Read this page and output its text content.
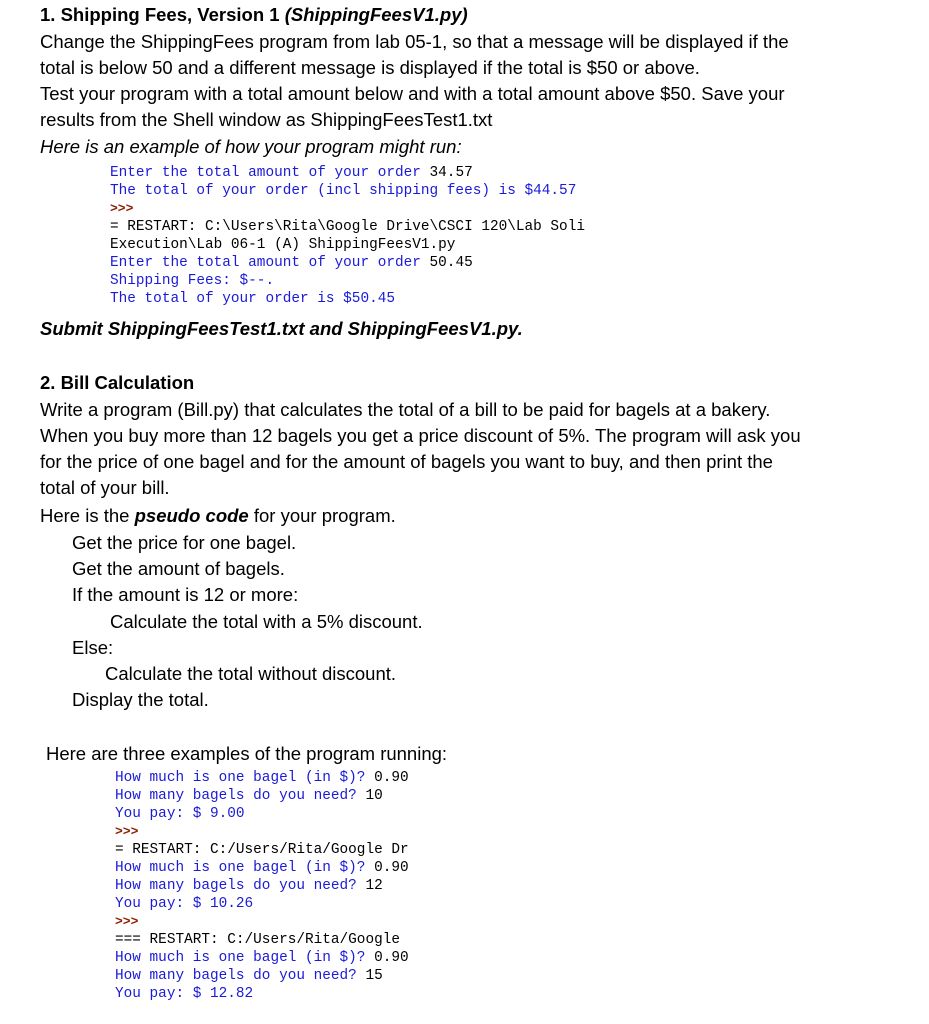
1. Shipping Fees, Version 1 (ShippingFeesV1.py)
Change the ShippingFees program from lab 05-1, so that a message will be displayed if the
total is below 50 and a different message is displayed if the total is $50 or above.
Test your program with a total amount below and with a total amount above $50. Save your
results from the Shell window as ShippingFeesTest1.txt
Here is an example of how your program might run:
Enter the total amount of your order 34.57
The total of your order (incl shipping fees) is $44.57
>>>
= RESTART: C:\Users\Rita\Google Drive\CSCI 120\Lab Soli
Execution\Lab 06-1 (A) ShippingFeesV1.py
Enter the total amount of your order 50.45
Shipping Fees: $--.
The total of your order is $50.45
Submit ShippingFeesTest1.txt and ShippingFeesV1.py.
2. Bill Calculation
Write a program (Bill.py) that calculates the total of a bill to be paid for bagels at a bakery.
When you buy more than 12 bagels you get a price discount of 5%. The program will ask you
for the price of one bagel and for the amount of bagels you want to buy, and then print the
total of your bill.
Here is the pseudo code for your program.
Get the price for one bagel.
Get the amount of bagels.
If the amount is 12 or more:
Calculate the total with a 5% discount.
Else:
Calculate the total without discount.
Display the total.
Here are three examples of the program running:
How much is one bagel (in $)? 0.90
How many bagels do you need? 10
You pay: $ 9.00
>>>
= RESTART: C:/Users/Rita/Google Dr
How much is one bagel (in $)? 0.90
How many bagels do you need? 12
You pay: $ 10.26
>>>
=== RESTART: C:/Users/Rita/Google
How much is one bagel (in $)? 0.90
How many bagels do you need? 15
You pay: $ 12.82
